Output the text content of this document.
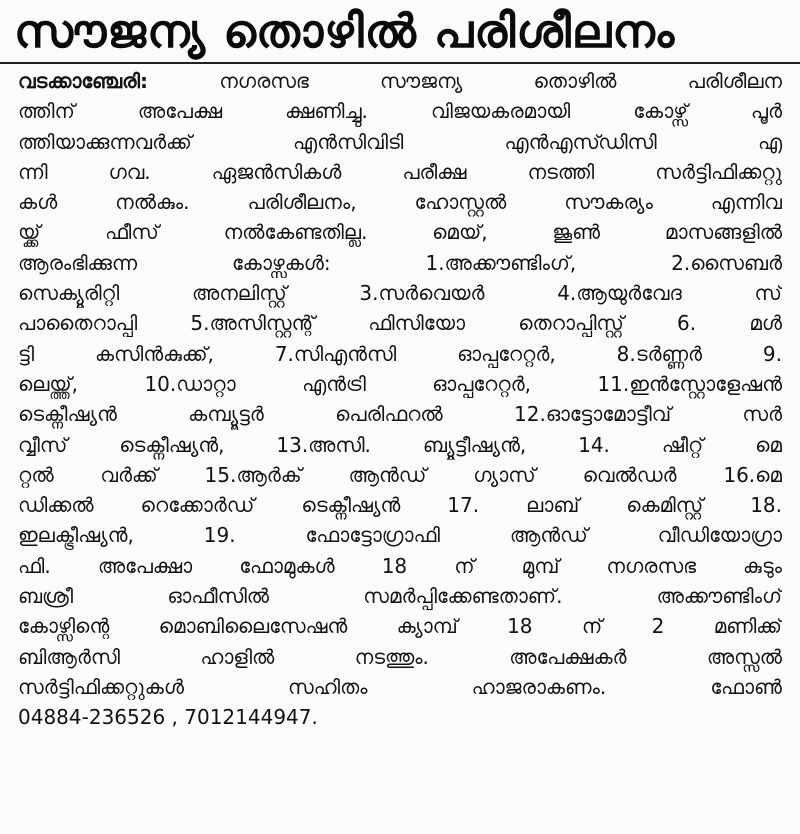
സൗജന്യ തൊഴിൽ പരിശീലനം
വടക്കാഞ്ചേരി: നഗരസഭ സൗജന്യ തൊഴിൽ പരിശീലന
ത്തിന് അപേക്ഷ ക്ഷണിച്ചു. വിജയകരമായി കോഴ്സ് പൂർ
ത്തിയാക്കുന്നവർക്ക് എൻസിവിടി എൻഎസ്ഡിസി എ
ന്നി ഗവ. ഏജൻസികൾ പരീക്ഷ നടത്തി സർട്ടിഫിക്കറ്റു
കൾ നൽകും. പരിശീലനം, ഹോസ്റ്റൽ സൗകര്യം എന്നിവ
യ്ക്ക് ഫീസ് നൽകേണ്ടതില്ല. മെയ്, ജൂൺ മാസങ്ങളിൽ
ആരംഭിക്കുന്ന കോഴ്സുകൾ: 1.അക്കൗണ്ടിംഗ്, 2.സൈബർ
സെക്യൂരിറ്റി അനലിസ്റ്റ് 3.സർവെയർ 4.ആയുർവേദ സ്
പാതൈറാപ്പി 5.അസിസ്റ്റന്റ് ഫിസിയോ തെറാപ്പിസ്റ്റ് 6. മൾ
ട്ടി കസിൻകുക്ക്, 7.സിഎൻസി ഓപ്പറേറ്റർ, 8.ടർണ്ണർ 9.
ലെയ്ത്ത്, 10.ഡാറ്റാ എൻട്രി ഓപ്പറേറ്റർ, 11.ഇൻസ്റ്റോളേഷൻ
ടെക്നീഷ്യൻ കമ്പ്യൂട്ടർ പെരിഫറൽ 12.ഓട്ടോമോട്ടീവ് സർ
വ്വീസ് ടെക്നീഷ്യൻ, 13.അസി. ബ്യൂട്ടീഷ്യൻ, 14. ഷീറ്റ് മെ
റ്റൽ വർക്ക് 15.ആർക് ആൻഡ് ഗ്യാസ് വെൽഡർ 16.മെ
ഡിക്കൽ റെക്കോർഡ് ടെക്നീഷ്യൻ 17. ലാബ് കെമിസ്റ്റ് 18.
ഇലക്ട്രീഷ്യൻ, 19. ഫോട്ടോഗ്രാഫി ആൻഡ് വീഡിയോഗ്രാ
ഫി. അപേക്ഷാ ഫോമുകൾ 18 ന് മുമ്പ് നഗരസഭ കുടും
ബശ്രീ ഓഫീസിൽ സമർപ്പിക്കേണ്ടതാണ്. അക്കൗണ്ടിംഗ്
കോഴ്സിന്റെ മൊബിലൈസേഷൻ ക്യാമ്പ് 18 ന് 2 മണിക്ക്
ബിആർസി ഹാളിൽ നടത്തും. അപേക്ഷകർ അസ്സൽ
സർട്ടിഫിക്കറ്റുകൾ സഹിതം ഹാജരാകണം. ഫോൺ
04884-236526 , 7012144947.
